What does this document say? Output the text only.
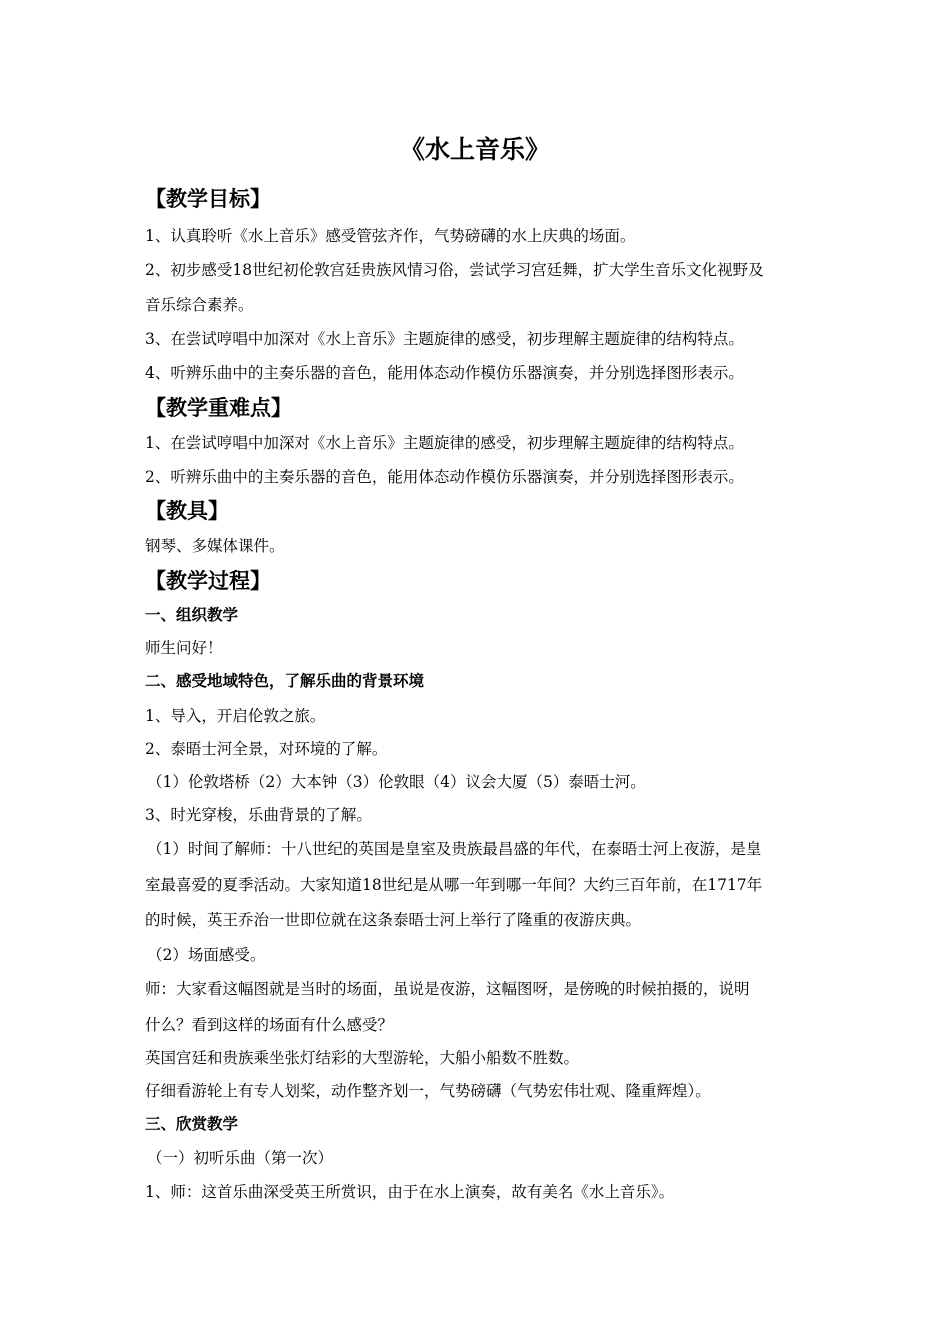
《水上音乐》
【教学目标】
1、认真聆听《水上音乐》感受管弦齐作，气势磅礴的水上庆典的场面。
2、初步感受18世纪初伦敦宫廷贵族风情习俗，尝试学习宫廷舞，扩大学生音乐文化视野及
音乐综合素养。
3、在尝试哼唱中加深对《水上音乐》主题旋律的感受，初步理解主题旋律的结构特点。
4、听辨乐曲中的主奏乐器的音色，能用体态动作模仿乐器演奏，并分别选择图形表示。
【教学重难点】
1、在尝试哼唱中加深对《水上音乐》主题旋律的感受，初步理解主题旋律的结构特点。
2、听辨乐曲中的主奏乐器的音色，能用体态动作模仿乐器演奏，并分别选择图形表示。
【教具】
钢琴、多媒体课件。
【教学过程】
一、组织教学
师生问好！
二、感受地域特色，了解乐曲的背景环境
1、导入，开启伦敦之旅。
2、泰晤士河全景，对环境的了解。
（1）伦敦塔桥（2）大本钟（3）伦敦眼（4）议会大厦（5）泰晤士河。
3、时光穿梭，乐曲背景的了解。
（1）时间了解师：十八世纪的英国是皇室及贵族最昌盛的年代，在泰晤士河上夜游，是皇
室最喜爱的夏季活动。大家知道18世纪是从哪一年到哪一年间？大约三百年前，在1717年
的时候，英王乔治一世即位就在这条泰晤士河上举行了隆重的夜游庆典。
（2）场面感受。
师：大家看这幅图就是当时的场面，虽说是夜游，这幅图呀，是傍晚的时候拍摄的，说明
什么？看到这样的场面有什么感受？
英国宫廷和贵族乘坐张灯结彩的大型游轮，大船小船数不胜数。
仔细看游轮上有专人划桨，动作整齐划一，气势磅礴（气势宏伟壮观、隆重辉煌）。
三、欣赏教学
（一）初听乐曲（第一次）
1、师：这首乐曲深受英王所赏识，由于在水上演奏，故有美名《水上音乐》。
